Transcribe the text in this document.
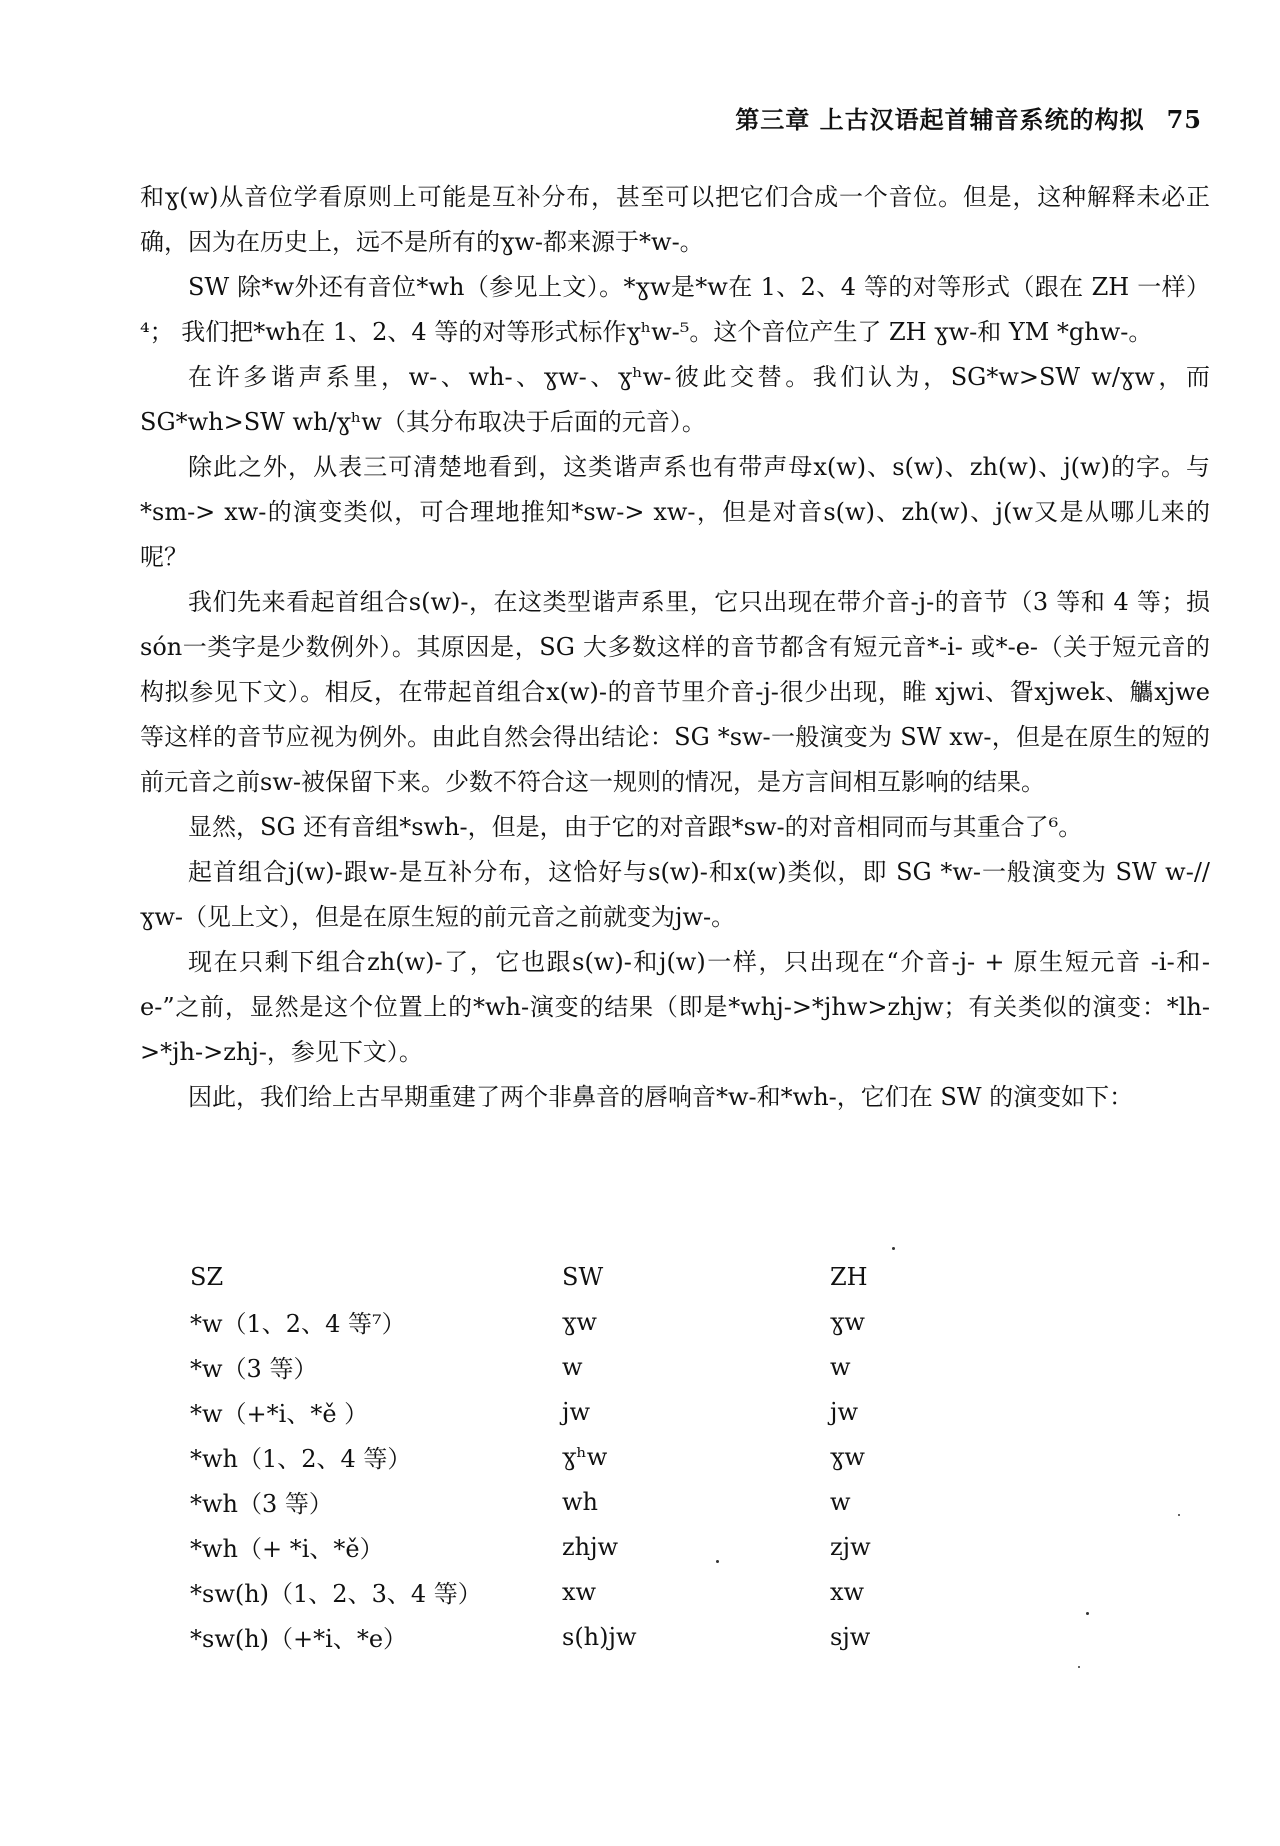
第三章 上古汉语起首辅音系统的构拟 75

和ɣ(w)从音位学看原则上可能是互补分布，甚至可以把它们合成一个音位。但是，这种解释未必正确，因为在历史上，远不是所有的ɣw-都来源于*w-。

SW 除*w外还有音位*wh（参见上文）。*ɣw是*w在 1、2、4 等的对等形式（跟在 ZH 一样）⁴； 我们把*wh在 1、2、4 等的对等形式标作ɣʰw-⁵。这个音位产生了 ZH ɣw-和 YM *ghw-。

在许多谐声系里，w-、wh-、ɣw-、ɣʰw-彼此交替。我们认为，SG*w>SW w/ɣw，而 SG*wh>SW wh/ɣʰw（其分布取决于后面的元音）。

除此之外，从表三可清楚地看到，这类谐声系也有带声母x(w)、s(w)、zh(w)、j(w)的字。与*sm-> xw-的演变类似，可合理地推知*sw-> xw-，但是对音s(w)、zh(w)、j(w又是从哪儿来的呢？

我们先来看起首组合s(w)-，在这类型谐声系里，它只出现在带介音-j-的音节（3 等和 4 等；损són一类字是少数例外）。其原因是，SG 大多数这样的音节都含有短元音*-i- 或*-e-（关于短元音的构拟参见下文）。相反，在带起首组合x(w)-的音节里介音-j-很少出现，睢 xjwi、眢xjwek、觿xjwe等这样的音节应视为例外。由此自然会得出结论：SG *sw-一般演变为 SW xw-，但是在原生的短的前元音之前sw-被保留下来。少数不符合这一规则的情况，是方言间相互影响的结果。

显然，SG 还有音组*swh-，但是，由于它的对音跟*sw-的对音相同而与其重合了⁶。

起首组合j(w)-跟w-是互补分布，这恰好与s(w)-和x(w)类似，即 SG *w-一般演变为 SW w-//ɣw-（见上文），但是在原生短的前元音之前就变为jw-。

现在只剩下组合zh(w)-了，它也跟s(w)-和j(w)一样，只出现在“介音-j- + 原生短元音 -i-和-e-”之前，显然是这个位置上的*wh-演变的结果（即是*whj->*jhw>zhjw；有关类似的演变：*lh->*jh->zhj-，参见下文）。

因此，我们给上古早期重建了两个非鼻音的唇响音*w-和*wh-，它们在 SW 的演变如下：

SZ	SW	ZH
*w（1、2、4 等⁷）	ɣw	ɣw
*w（3 等）	w	w
*w（+*i、*ě ）	jw	jw
*wh（1、2、4 等）	ɣʰw	ɣw
*wh（3 等）	wh	w
*wh（+ *i、*ě）	zhjw	zjw
*sw(h)（1、2、3、4 等）	xw	xw
*sw(h)（+*i、*e）	s(h)jw	sjw
